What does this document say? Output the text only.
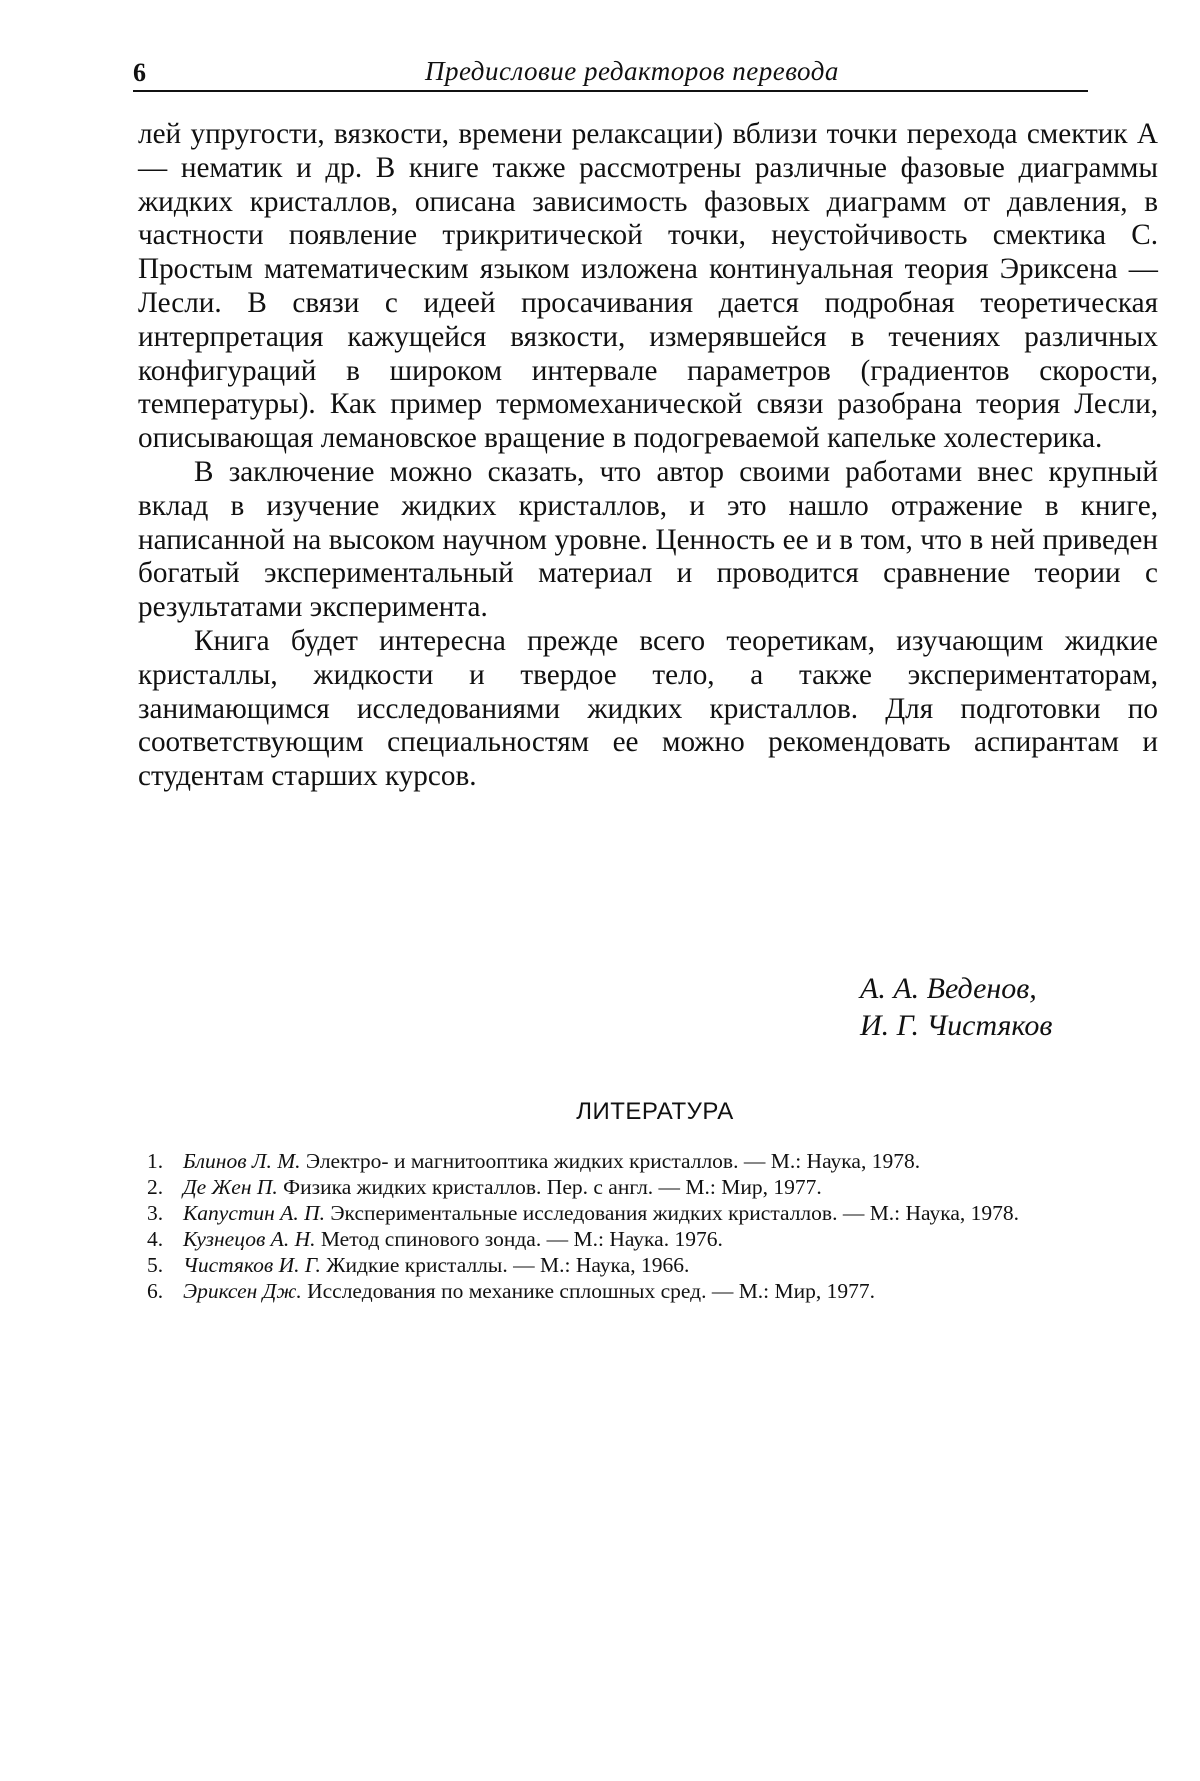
6	Предисловие редакторов перевода

лей упругости, вязкости, времени релаксации) вблизи точки перехода смектик А — нематик и др. В книге также рассмотрены различные фазовые диаграммы жидких кристаллов, описана зависимость фазовых диаграмм от давления, в частности появление трикритической точки, неустойчивость смектика С. Простым математическим языком изложена континуальная теория Эриксена — Лесли. В связи с идеей просачивания дается подробная теоретическая интерпретация кажущейся вязкости, измерявшейся в течениях различных конфигураций в широком интервале параметров (градиентов скорости, температуры). Как пример термомеханической связи разобрана теория Лесли, описывающая лемановское вращение в подогреваемой капельке холестерика.

В заключение можно сказать, что автор своими работами внес крупный вклад в изучение жидких кристаллов, и это нашло отражение в книге, написанной на высоком научном уровне. Ценность ее и в том, что в ней приведен богатый экспериментальный материал и проводится сравнение теории с результатами эксперимента.

Книга будет интересна прежде всего теоретикам, изучающим жидкие кристаллы, жидкости и твердое тело, а также экспериментаторам, занимающимся исследованиями жидких кристаллов. Для подготовки по соответствующим специальностям ее можно рекомендовать аспирантам и студентам старших курсов.

А. А. Веденов,
И. Г. Чистяков
ЛИТЕРАТУРА
1. Блинов Л. М. Электро- и магнитооптика жидких кристаллов. — М.: Наука, 1978.
2. Де Жен П. Физика жидких кристаллов. Пер. с англ. — М.: Мир, 1977.
3. Капустин А. П. Экспериментальные исследования жидких кристаллов. — М.: Наука, 1978.
4. Кузнецов А. Н. Метод спинового зонда. — М.: Наука. 1976.
5. Чистяков И. Г. Жидкие кристаллы. — М.: Наука, 1966.
6. Эриксен Дж. Исследования по механике сплошных сред. — М.: Мир, 1977.
